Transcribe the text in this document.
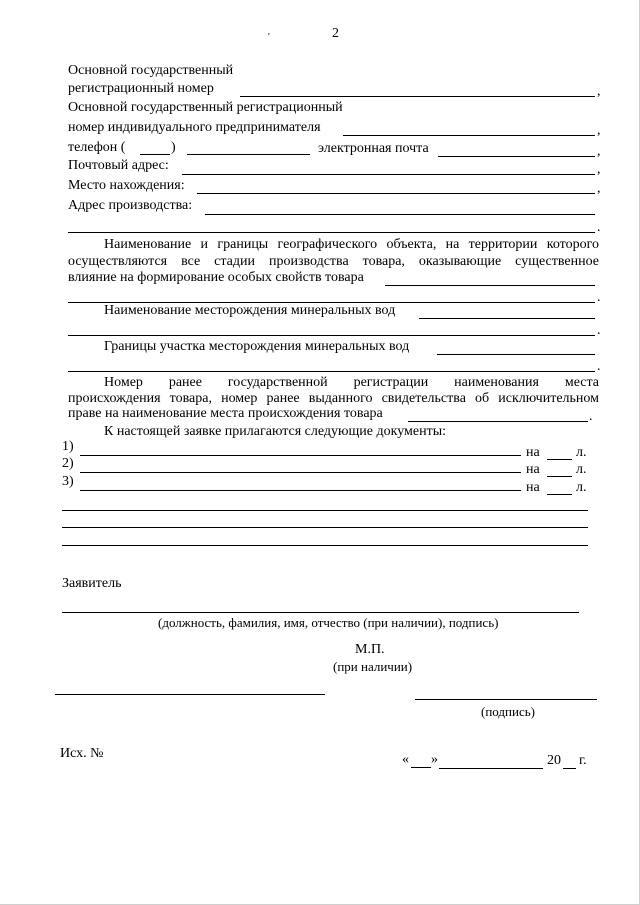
2
'
Основной государственный
регистрационный номер	,
Основной государственный регистрационный
номер индивидуального предпринимателя	,
телефон (	)	электронная почта	,
Почтовый адрес:	,
Место нахождения:	,
Адрес производства:
.
Наименование и границы географического объекта, на территории которого
осуществляются все стадии производства товара, оказывающие существенное
влияние на формирование особых свойств товара
.
Наименование месторождения минеральных вод
.
Границы участка месторождения минеральных вод
.
Номер ранее государственной регистрации наименования места
происхождения товара, номер ранее выданного свидетельства об исключительном
праве на наименование места происхождения товара	.
К настоящей заявке прилагаются следующие документы:
1)	на	л.
2)	на	л.
3)	на	л.
Заявитель
(должность, фамилия, имя, отчество (при наличии), подпись)
М.П.
(при наличии)
(подпись)
Исх. №	« »	20 г.
